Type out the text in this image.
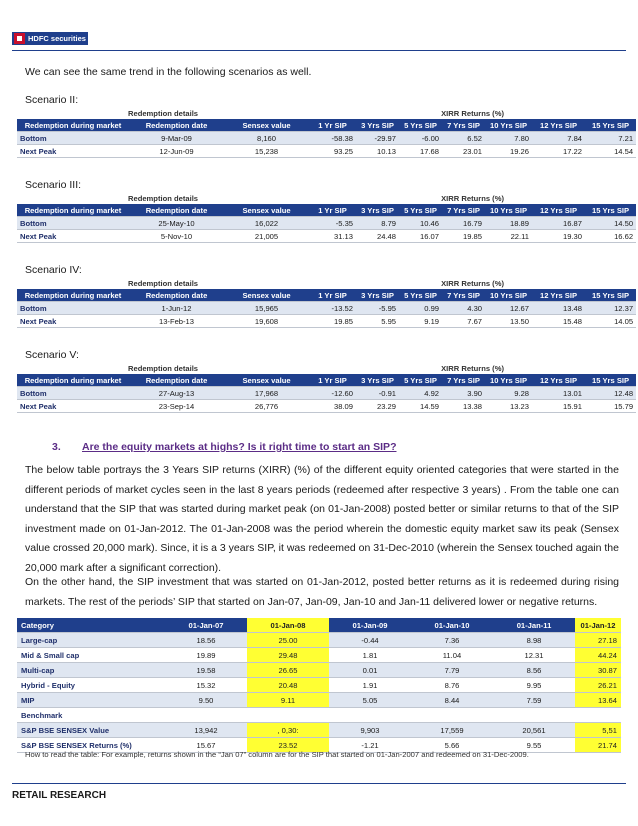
HDFC securities
We can see the same trend in the following scenarios as well.
Scenario II:
Redemption details			XIRR Returns (%)						
Redemption during market	Redemption date	Sensex value	1 Yr SIP	3 Yrs SIP	5 Yrs SIP	7 Yrs SIP	10 Yrs SIP	12 Yrs SIP	15 Yrs SIP
Bottom	9-Mar-09	8,160	-58.38	-29.97	-6.00	6.52	7.80	7.84	7.21
Next Peak	12-Jun-09	15,238	93.25	10.13	17.68	23.01	19.26	17.22	14.54
Scenario III:
Redemption details			XIRR Returns (%)						
Redemption during market	Redemption date	Sensex value	1 Yr SIP	3 Yrs SIP	5 Yrs SIP	7 Yrs SIP	10 Yrs SIP	12 Yrs SIP	15 Yrs SIP
Bottom	25-May-10	16,022	-5.35	8.79	10.46	16.79	18.89	16.87	14.50
Next Peak	5-Nov-10	21,005	31.13	24.48	16.07	19.85	22.11	19.30	16.62
Scenario IV:
Redemption details			XIRR Returns (%)						
Redemption during market	Redemption date	Sensex value	1 Yr SIP	3 Yrs SIP	5 Yrs SIP	7 Yrs SIP	10 Yrs SIP	12 Yrs SIP	15 Yrs SIP
Bottom	1-Jun-12	15,965	-13.52	-5.95	0.99	4.30	12.67	13.48	12.37
Next Peak	13-Feb-13	19,608	19.85	5.95	9.19	7.67	13.50	15.48	14.05
Scenario V:
Redemption details			XIRR Returns (%)						
Redemption during market	Redemption date	Sensex value	1 Yr SIP	3 Yrs SIP	5 Yrs SIP	7 Yrs SIP	10 Yrs SIP	12 Yrs SIP	15 Yrs SIP
Bottom	27-Aug-13	17,968	-12.60	-0.91	4.92	3.90	9.28	13.01	12.48
Next Peak	23-Sep-14	26,776	38.09	23.29	14.59	13.38	13.23	15.91	15.79
3. Are the equity markets at highs? Is it right time to start an SIP?
The below table portrays the 3 Years SIP returns (XIRR) (%) of the different equity oriented categories that were started in the different periods of market cycles seen in the last 8 years periods (redeemed after respective 3 years) . From the table one can understand that the SIP that was started during market peak (on 01-Jan-2008) posted better or similar returns to that of the SIP investment made on 01-Jan-2012. The 01-Jan-2008 was the period wherein the domestic equity market saw its peak (Sensex value crossed 20,000 mark). Since, it is a 3 years SIP, it was redeemed on 31-Dec-2010 (wherein the Sensex touched again the 20,000 mark after a significant correction).
On the other hand, the SIP investment that was started on 01-Jan-2012, posted better returns as it is redeemed during rising markets. The rest of the periods’ SIP that started on Jan-07, Jan-09, Jan-10 and Jan-11 delivered lower or negative returns.
Category	01-Jan-07	01-Jan-08	01-Jan-09	01-Jan-10	01-Jan-11	01-Jan-12
Large-cap	18.56	25.00	-0.44	7.36	8.98	27.18
Mid & Small cap	19.89	29.48	1.81	11.04	12.31	44.24
Multi-cap	19.58	26.65	0.01	7.79	8.56	30.87
Hybrid - Equity	15.32	20.48	1.91	8.76	9.95	26.21
MIP	9.50	9.11	5.05	8.44	7.59	13.64
Benchmark						
S&P BSE SENSEX Value	13,942	, 0,30:	9,903	17,559	20,561	5,51
S&P BSE SENSEX Returns (%)	15.67	23.52	-1.21	5.66	9.55	21.74
How to read the table: For example, returns shown in the “Jan 07” column are for the SIP that started on 01-Jan-2007 and redeemed on 31-Dec-2009.
RETAIL RESEARCH
